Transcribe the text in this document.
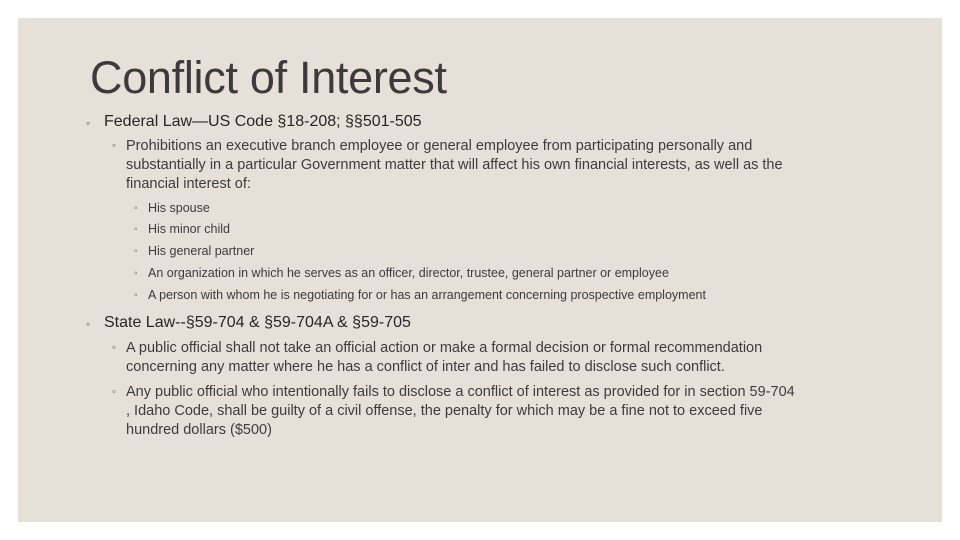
Conflict of Interest
◦ Federal Law—US Code §18-208; §§501-505
◦ Prohibitions an executive branch employee or general employee from participating personally and
substantially in a particular Government matter that will affect his own financial interests, as well as the
financial interest of:
◦ His spouse
◦ His minor child
◦ His general partner
◦ An organization in which he serves as an officer, director, trustee, general partner or employee
◦ A person with whom he is negotiating for or has an arrangement concerning prospective employment
◦ State Law--§59-704 & §59-704A & §59-705
◦ A public official shall not take an official action or make a formal decision or formal recommendation
concerning any matter where he has a conflict of inter and has failed to disclose such conflict.
◦ Any public official who intentionally fails to disclose a conflict of interest as provided for in section 59-704
, Idaho Code, shall be guilty of a civil offense, the penalty for which may be a fine not to exceed five
hundred dollars ($500)
